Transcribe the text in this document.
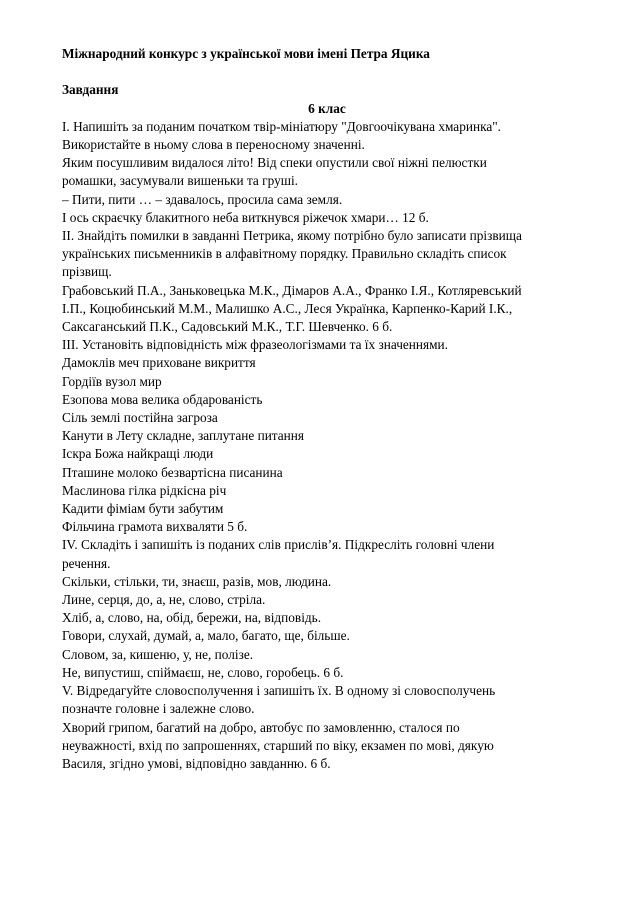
Міжнародний конкурс з української мови імені Петра Яцика
Завдання
6 клас
І. Напишіть за поданим початком твір-мініатюру "Довгоочікувана хмаринка".
Використайте в ньому слова в переносному значенні.
Яким посушливим видалося літо! Від спеки опустили свої ніжні пелюстки
ромашки, засумували вишеньки та груші.
– Пити, пити … – здавалось, просила сама земля.
І ось скраєчку блакитного неба виткнувся ріжечок хмари… 12 б.
ІІ. Знайдіть помилки в завданні Петрика, якому потрібно було записати прізвища
українських письменників в алфавітному порядку. Правильно складіть список
прізвищ.
Грабовський П.А., Заньковецька М.К., Дімаров А.А., Франко І.Я., Котляревський
І.П., Коцюбинський М.М., Малишко А.С., Леся Українка, Карпенко-Карий І.К.,
Саксаганський П.К., Садовський М.К., Т.Г. Шевченко. 6 б.
ІІІ. Установіть відповідність між фразеологізмами та їх значеннями.
Дамоклів меч приховане викриття
Гордіїв вузол мир
Езопова мова велика обдарованість
Сіль землі постійна загроза
Канути в Лету складне, заплутане питання
Іскра Божа найкращі люди
Пташине молоко безвартісна писанина
Маслинова гілка рідкісна річ
Кадити фіміам бути забутим
Фільчина грамота вихваляти 5 б.
ІV. Складіть і запишіть із поданих слів прислів’я. Підкресліть головні члени
речення.
Скільки, стільки, ти, знаєш, разів, мов, людина.
Лине, серця, до, а, не, слово, стріла.
Хліб, а, слово, на, обід, бережи, на, відповідь.
Говори, слухай, думай, а, мало, багато, ще, більше.
Словом, за, кишеню, у, не, полізе.
Не, випустиш, спіймаєш, не, слово, горобець. 6 б.
V. Відредагуйте словосполучення і запишіть їх. В одному зі словосполучень
позначте головне і залежне слово.
Хворий грипом, багатий на добро, автобус по замовленню, сталося по
неуважності, вхід по запрошеннях, старший по віку, екзамен по мові, дякую
Василя, згідно умові, відповідно завданню. 6 б.
